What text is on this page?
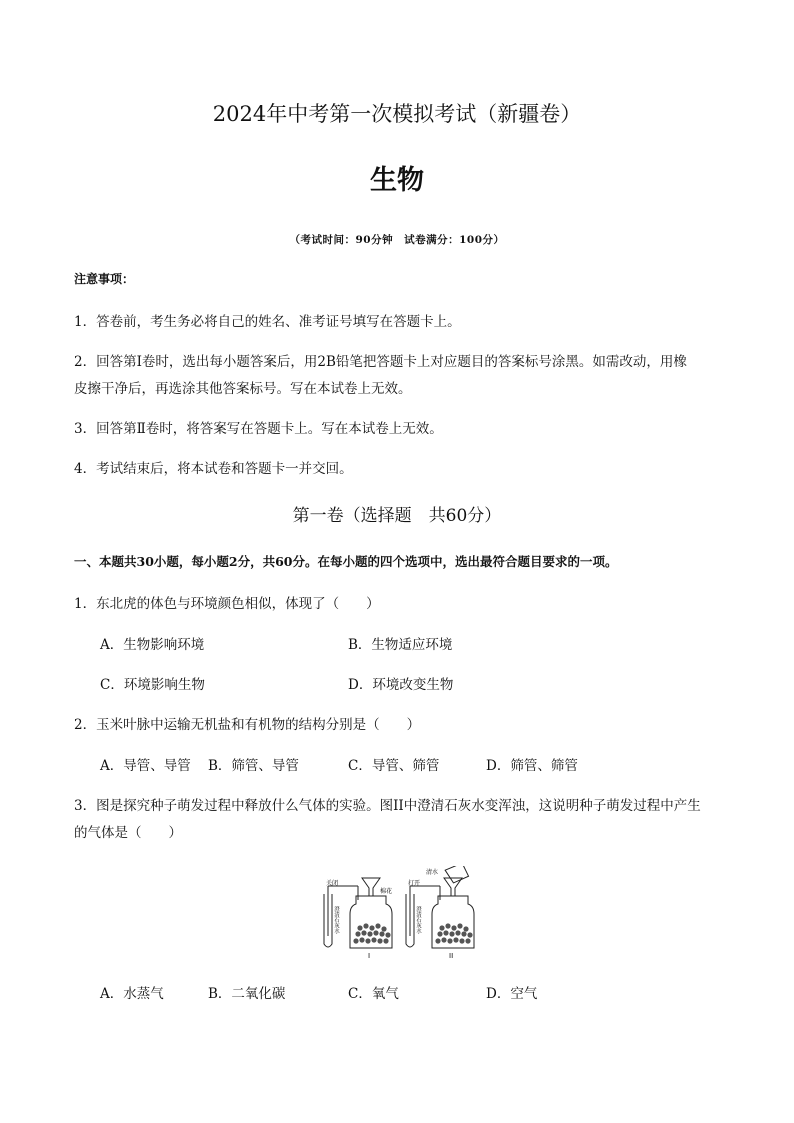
2024年中考第一次模拟考试（新疆卷）
生物
（考试时间：90分钟　试卷满分：100分）
注意事项：
1．答卷前，考生务必将自己的姓名、准考证号填写在答题卡上。
2．回答第Ⅰ卷时，选出每小题答案后，用2B铅笔把答题卡上对应题目的答案标号涂黑。如需改动，用橡
皮擦干净后，再选涂其他答案标号。写在本试卷上无效。
3．回答第Ⅱ卷时，将答案写在答题卡上。写在本试卷上无效。
4．考试结束后，将本试卷和答题卡一并交回。
第一卷（选择题　共60分）
一、本题共30小题，每小题2分，共60分。在每小题的四个选项中，选出最符合题目要求的一项。
1．东北虎的体色与环境颜色相似，体现了（　　）
A．生物影响环境	B．生物适应环境
C．环境影响生物	D．环境改变生物
2．玉米叶脉中运输无机盐和有机物的结构分别是（　　）
A．导管、导管 B．筛管、导管	C．导管、筛管	D．筛管、筛管
3．图是探究种子萌发过程中释放什么气体的实验。图II中澄清石灰水变浑浊，这说明种子萌发过程中产生
的气体是（　　）
关闭
棉花
打开
清水
澄清石灰水	澄清石灰水
I	II
A．水蒸气	B．二氧化碳	C．氧气	D．空气
